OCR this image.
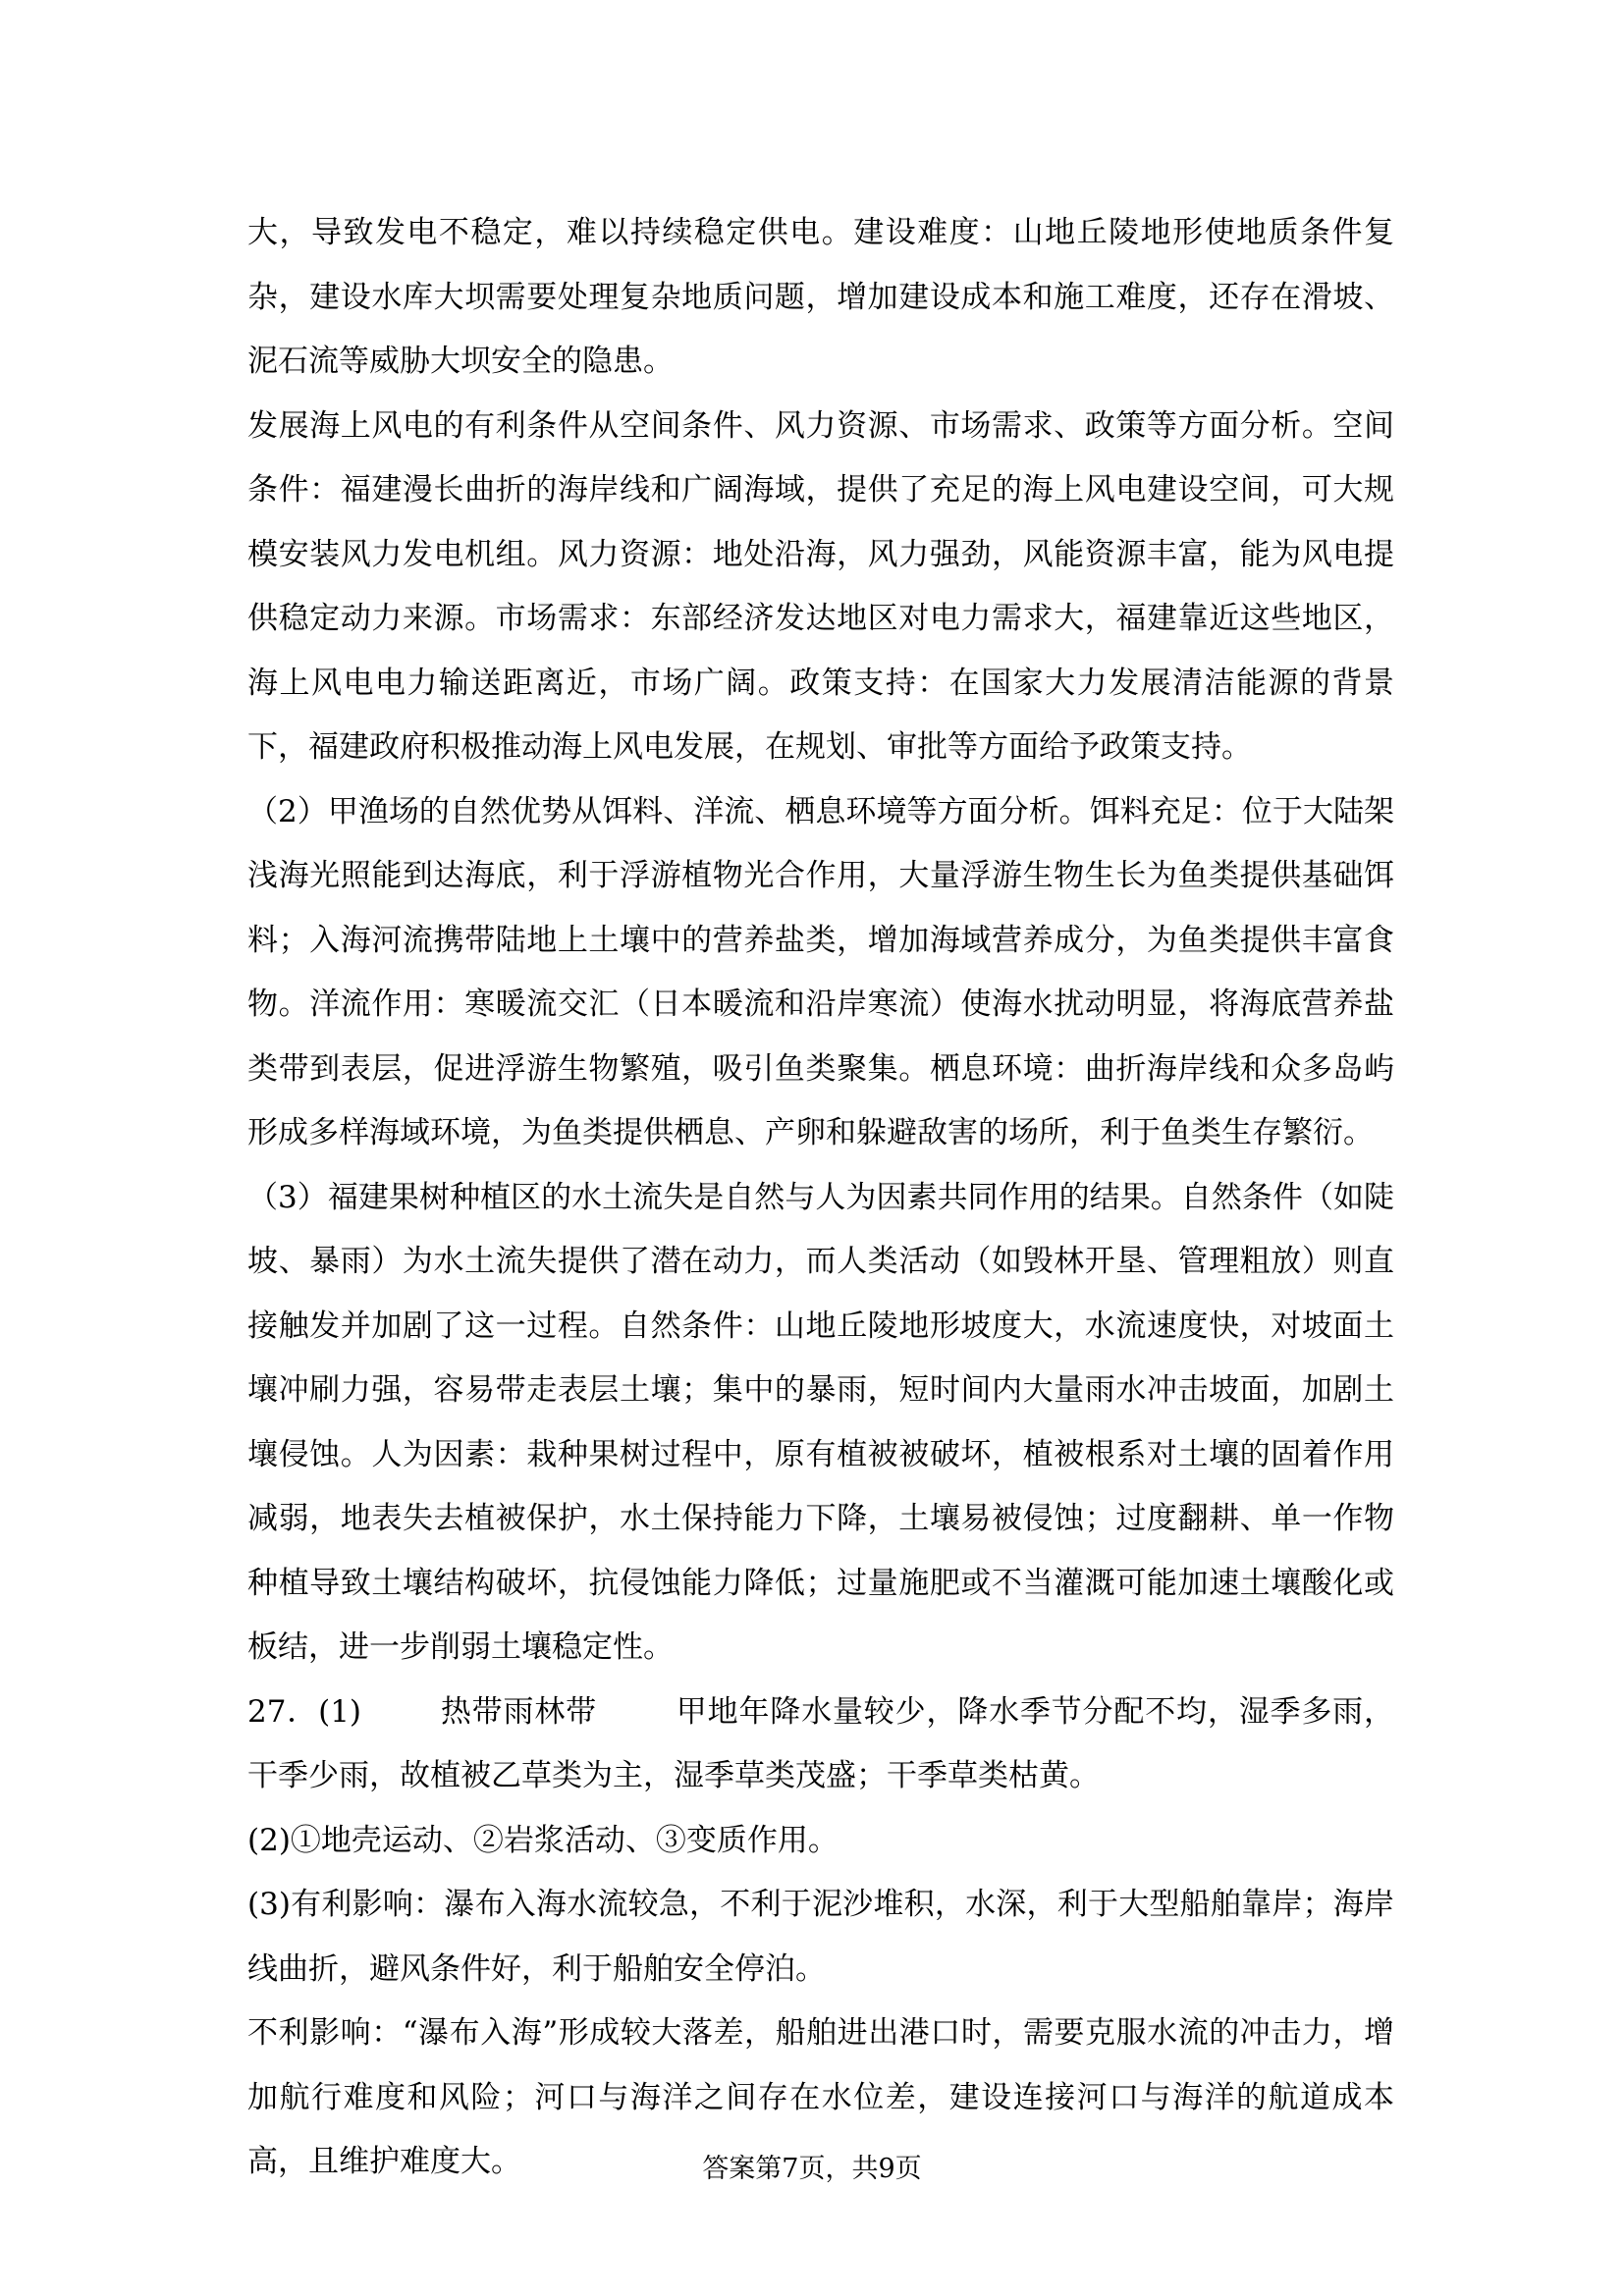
大，导致发电不稳定，难以持续稳定供电。建设难度：山地丘陵地形使地质条件复杂，建设水库大坝需要处理复杂地质问题，增加建设成本和施工难度，还存在滑坡、泥石流等威胁大坝安全的隐患。

发展海上风电的有利条件从空间条件、风力资源、市场需求、政策等方面分析。空间条件：福建漫长曲折的海岸线和广阔海域，提供了充足的海上风电建设空间，可大规模安装风力发电机组。风力资源：地处沿海，风力强劲，风能资源丰富，能为风电提供稳定动力来源。市场需求：东部经济发达地区对电力需求大，福建靠近这些地区，海上风电电力输送距离近，市场广阔。政策支持：在国家大力发展清洁能源的背景下，福建政府积极推动海上风电发展，在规划、审批等方面给予政策支持。

（2）甲渔场的自然优势从饵料、洋流、栖息环境等方面分析。饵料充足：位于大陆架浅海光照能到达海底，利于浮游植物光合作用，大量浮游生物生长为鱼类提供基础饵料；入海河流携带陆地上土壤中的营养盐类，增加海域营养成分，为鱼类提供丰富食物。洋流作用：寒暖流交汇（日本暖流和沿岸寒流）使海水扰动明显，将海底营养盐类带到表层，促进浮游生物繁殖，吸引鱼类聚集。栖息环境：曲折海岸线和众多岛屿形成多样海域环境，为鱼类提供栖息、产卵和躲避敌害的场所，利于鱼类生存繁衍。

（3）福建果树种植区的水土流失是自然与人为因素共同作用的结果。自然条件（如陡坡、暴雨）为水土流失提供了潜在动力，而人类活动（如毁林开垦、管理粗放）则直接触发并加剧了这一过程。自然条件：山地丘陵地形坡度大，水流速度快，对坡面土壤冲刷力强，容易带走表层土壤；集中的暴雨，短时间内大量雨水冲击坡面，加剧土壤侵蚀。人为因素：栽种果树过程中，原有植被被破坏，植被根系对土壤的固着作用减弱，地表失去植被保护，水土保持能力下降，土壤易被侵蚀；过度翻耕、单一作物种植导致土壤结构破坏，抗侵蚀能力降低；过量施肥或不当灌溉可能加速土壤酸化或板结，进一步削弱土壤稳定性。

27．(1)	热带雨林带	甲地年降水量较少，降水季节分配不均，湿季多雨，干季少雨，故植被乙草类为主，湿季草类茂盛；干季草类枯黄。

(2)①地壳运动、②岩浆活动、③变质作用。

(3)有利影响：瀑布入海水流较急，不利于泥沙堆积，水深，利于大型船舶靠岸；海岸线曲折，避风条件好，利于船舶安全停泊。

不利影响：“瀑布入海”形成较大落差，船舶进出港口时，需要克服水流的冲击力，增加航行难度和风险；河口与海洋之间存在水位差，建设连接河口与海洋的航道成本高，且维护难度大。	答案第7页，共9页
